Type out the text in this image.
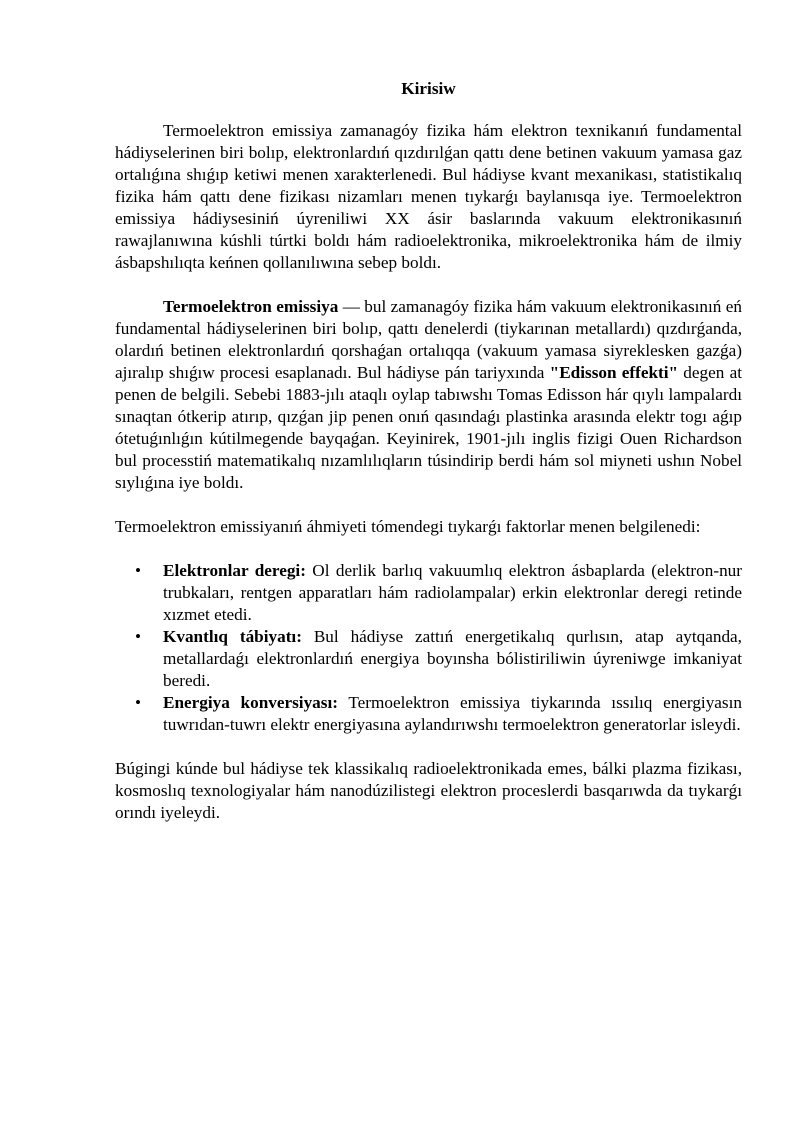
Kirisiw

Termoelektron emissiya zamanagóy fizika hám elektron texnikanıń fundamental hádiyselerinen biri bolıp, elektronlardıń qızdırılǵan qattı dene betinen vakuum yamasa gaz ortalıǵına shıǵıp ketiwi menen xarakterlenedi. Bul hádiyse kvant mexanikası, statistikalıq fizika hám qattı dene fizikası nizamları menen tıykarǵı baylanısqa iye. Termoelektron emissiya hádiysesiniń úyreniliwi XX ásir baslarında vakuum elektronikasınıń rawajlanıwına kúshli túrtki boldı hám radioelektronika, mikroelektronika hám de ilmiy ásbapshılıqta keńnen qollanılıwına sebep boldı.

Termoelektron emissiya — bul zamanagóy fizika hám vakuum elektronikasınıń eń fundamental hádiyselerinen biri bolıp, qattı denelerdi (tiykarınan metallardı) qızdırǵanda, olardıń betinen elektronlardıń qorshaǵan ortalıqqa (vakuum yamasa siyreklesken gazǵa) ajıralıp shıǵıw procesi esaplanadı. Bul hádiyse pán tariyxında "Edisson effekti" degen at penen de belgili. Sebebi 1883-jılı ataqlı oylap tabıwshı Tomas Edisson hár qıylı lampalardı sınaqtan ótkerip atırıp, qızǵan jip penen onıń qasındaǵı plastinka arasında elektr togı aǵıp ótetuǵınlıǵın kútilmegende bayqaǵan. Keyinirek, 1901-jılı inglis fizigi Ouen Richardson bul processtiń matematikalıq nızamlılıqların túsindirip berdi hám sol miyneti ushın Nobel sıylıǵına iye boldı.

Termoelektron emissiyanıń áhmiyeti tómendegi tıykarǵı faktorlar menen belgilenedi:

• Elektronlar deregi: Ol derlik barlıq vakuumlıq elektron ásbaplarda (elektron-nur trubkaları, rentgen apparatları hám radiolampalar) erkin elektronlar deregi retinde xızmet etedi.
• Kvantlıq tábiyatı: Bul hádiyse zattıń energetikalıq qurlısın, atap aytqanda, metallardaǵı elektronlardıń energiya boyınsha bólistiriliwin úyreniwge imkaniyat beredi.
• Energiya konversiyası: Termoelektron emissiya tiykarında ıssılıq energiyasın tuwrıdan-tuwrı elektr energiyasına aylandırıwshı termoelektron generatorlar isleydi.

Búgingi kúnde bul hádiyse tek klassikalıq radioelektronikada emes, bálki plazma fizikası, kosmoslıq texnologiyalar hám nanodúzilistegi elektron proceslerdi basqarıwda da tıykarǵı orındı iyeleydi.
